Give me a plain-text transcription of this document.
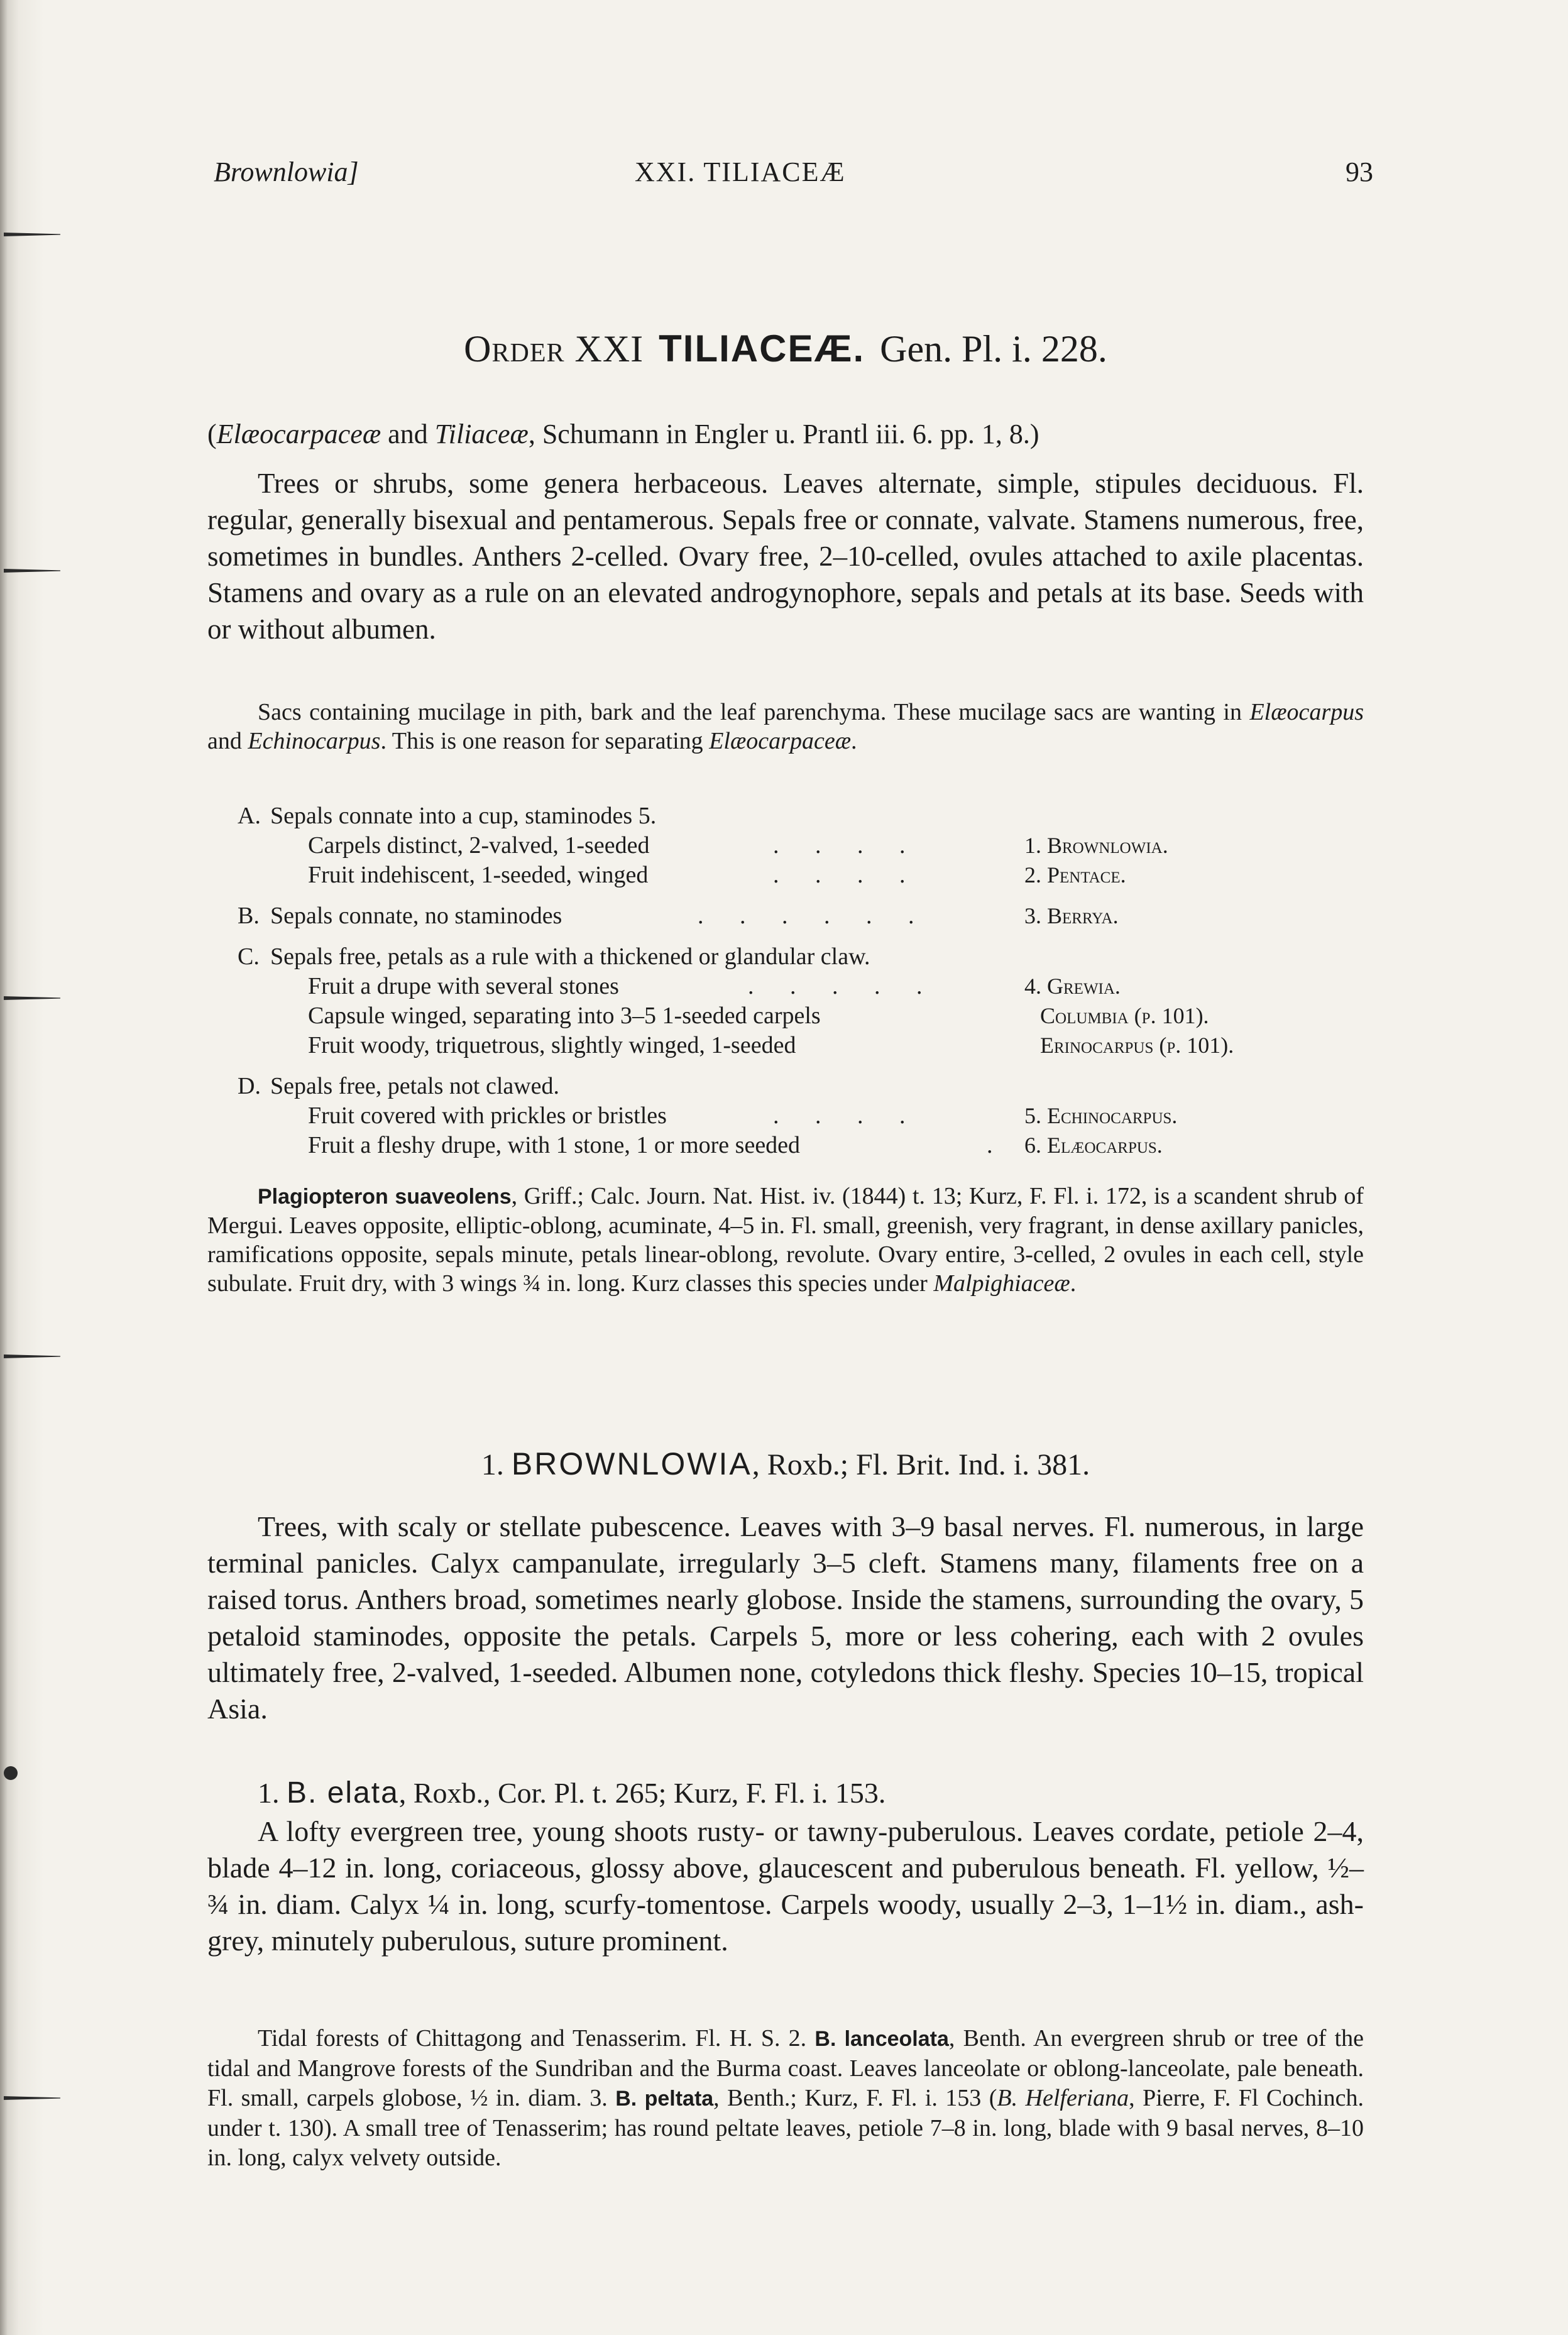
Brownlowia]	XXI. TILIACEÆ	93
Order XXI TILIACEÆ. Gen. Pl. i. 228.
(Elæocarpaceæ and Tiliaceæ, Schumann in Engler u. Prantl iii. 6. pp. 1, 8.)
Trees or shrubs, some genera herbaceous. Leaves alternate, simple, stipules deciduous. Fl. regular, generally bisexual and pentamerous. Sepals free or connate, valvate. Stamens numerous, free, sometimes in bundles. Anthers 2-celled. Ovary free, 2–10-celled, ovules attached to axile placentas. Stamens and ovary as a rule on an elevated androgynophore, sepals and petals at its base. Seeds with or without albumen.
Sacs containing mucilage in pith, bark and the leaf parenchyma. These mucilage sacs are wanting in Elæocarpus and Echinocarpus. This is one reason for separating Elæocarpaceæ.
A. Sepals connate into a cup, staminodes 5.
Carpels distinct, 2-valved, 1-seeded	. . . .	1. Brownlowia.
Fruit indehiscent, 1-seeded, winged	. . . .	2. Pentace.
B. Sepals connate, no staminodes	. . . . . .	3. Berrya.
C. Sepals free, petals as a rule with a thickened or glandular claw.
Fruit a drupe with several stones	. . . . .	4. Grewia.
Capsule winged, separating into 3–5 1-seeded carpels	Columbia (p. 101).
Fruit woody, triquetrous, slightly winged, 1-seeded	Erinocarpus (p. 101).
D. Sepals free, petals not clawed.
Fruit covered with prickles or bristles	. . . .	5. Echinocarpus.
Fruit a fleshy drupe, with 1 stone, 1 or more seeded	. 6. Elæocarpus.
Plagiopteron suaveolens, Griff.; Calc. Journ. Nat. Hist. iv. (1844) t. 13; Kurz, F. Fl. i. 172, is a scandent shrub of Mergui. Leaves opposite, elliptic-oblong, acuminate, 4–5 in. Fl. small, greenish, very fragrant, in dense axillary panicles, ramifications opposite, sepals minute, petals linear-oblong, revolute. Ovary entire, 3-celled, 2 ovules in each cell, style subulate. Fruit dry, with 3 wings ¾ in. long. Kurz classes this species under Malpighiaceæ.
1. BROWNLOWIA, Roxb.; Fl. Brit. Ind. i. 381.
Trees, with scaly or stellate pubescence. Leaves with 3–9 basal nerves. Fl. numerous, in large terminal panicles. Calyx campanulate, irregularly 3–5 cleft. Stamens many, filaments free on a raised torus. Anthers broad, sometimes nearly globose. Inside the stamens, surrounding the ovary, 5 petaloid staminodes, opposite the petals. Carpels 5, more or less cohering, each with 2 ovules ultimately free, 2-valved, 1-seeded. Albumen none, cotyledons thick fleshy. Species 10–15, tropical Asia.
1. B. elata, Roxb., Cor. Pl. t. 265; Kurz, F. Fl. i. 153.
A lofty evergreen tree, young shoots rusty- or tawny-puberulous. Leaves cordate, petiole 2–4, blade 4–12 in. long, coriaceous, glossy above, glaucescent and puberulous beneath. Fl. yellow, ½–¾ in. diam. Calyx ¼ in. long, scurfy-tomentose. Carpels woody, usually 2–3, 1–1½ in. diam., ash-grey, minutely puberulous, suture prominent.
Tidal forests of Chittagong and Tenasserim. Fl. H. S. 2. B. lanceolata, Benth. An evergreen shrub or tree of the tidal and Mangrove forests of the Sundriban and the Burma coast. Leaves lanceolate or oblong-lanceolate, pale beneath. Fl. small, carpels globose, ½ in. diam. 3. B. peltata, Benth.; Kurz, F. Fl. i. 153 (B. Helferiana, Pierre, F. Fl Cochinch. under t. 130). A small tree of Tenasserim; has round peltate leaves, petiole 7–8 in. long, blade with 9 basal nerves, 8–10 in. long, calyx velvety outside.
